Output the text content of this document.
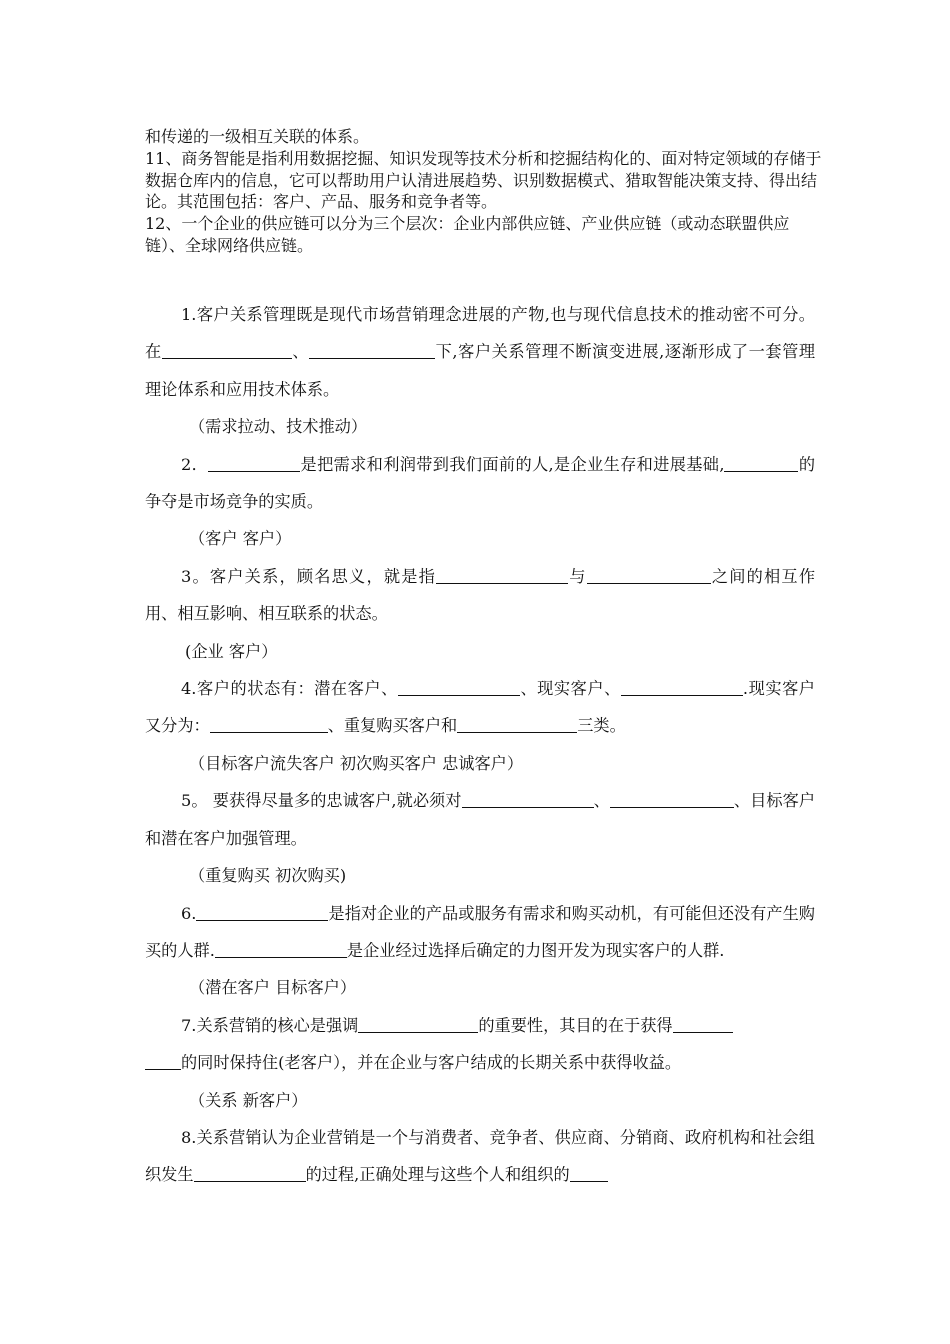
和传递的一级相互关联的体系。

11、商务智能是指利用数据挖掘、知识发现等技术分析和挖掘结构化的、面对特定领域的存储于数据仓库内的信息，它可以帮助用户认清进展趋势、识别数据模式、猎取智能决策支持、得出结论。其范围包括：客户、产品、服务和竞争者等。

12、一个企业的供应链可以分为三个层次：企业内部供应链、产业供应链（或动态联盟供应链）、全球网络供应链。

1.客户关系管理既是现代市场营销理念进展的产物,也与现代信息技术的推动密不可分。在	、	下,客户关系管理不断演变进展,逐渐形成了一套管理理论体系和应用技术体系。

（需求拉动、技术推动）

2．	是把需求和利润带到我们面前的人,是企业生存和进展基础,	的争夺是市场竞争的实质。

（客户 客户）

3。客户关系，顾名思义，就是指	与	之间的相互作用、相互影响、相互联系的状态。

(企业 客户）

4.客户的状态有：潜在客户、	、现实客户、	.现实客户又分为：	、重复购买客户和	三类。

（目标客户流失客户 初次购买客户 忠诚客户）

5。 要获得尽量多的忠诚客户,就必须对	、	、目标客户和潜在客户加强管理。

（重复购买 初次购买)

6.	是指对企业的产品或服务有需求和购买动机，有可能但还没有产生购买的人群.	是企业经过选择后确定的力图开发为现实客户的人群.

（潜在客户 目标客户）

7.关系营销的核心是强调	的重要性，其目的在于获得
的同时保持住(老客户），并在企业与客户结成的长期关系中获得收益。

（关系 新客户）

8.关系营销认为企业营销是一个与消费者、竞争者、供应商、分销商、政府机构和社会组织发生	的过程,正确处理与这些个人和组织的
